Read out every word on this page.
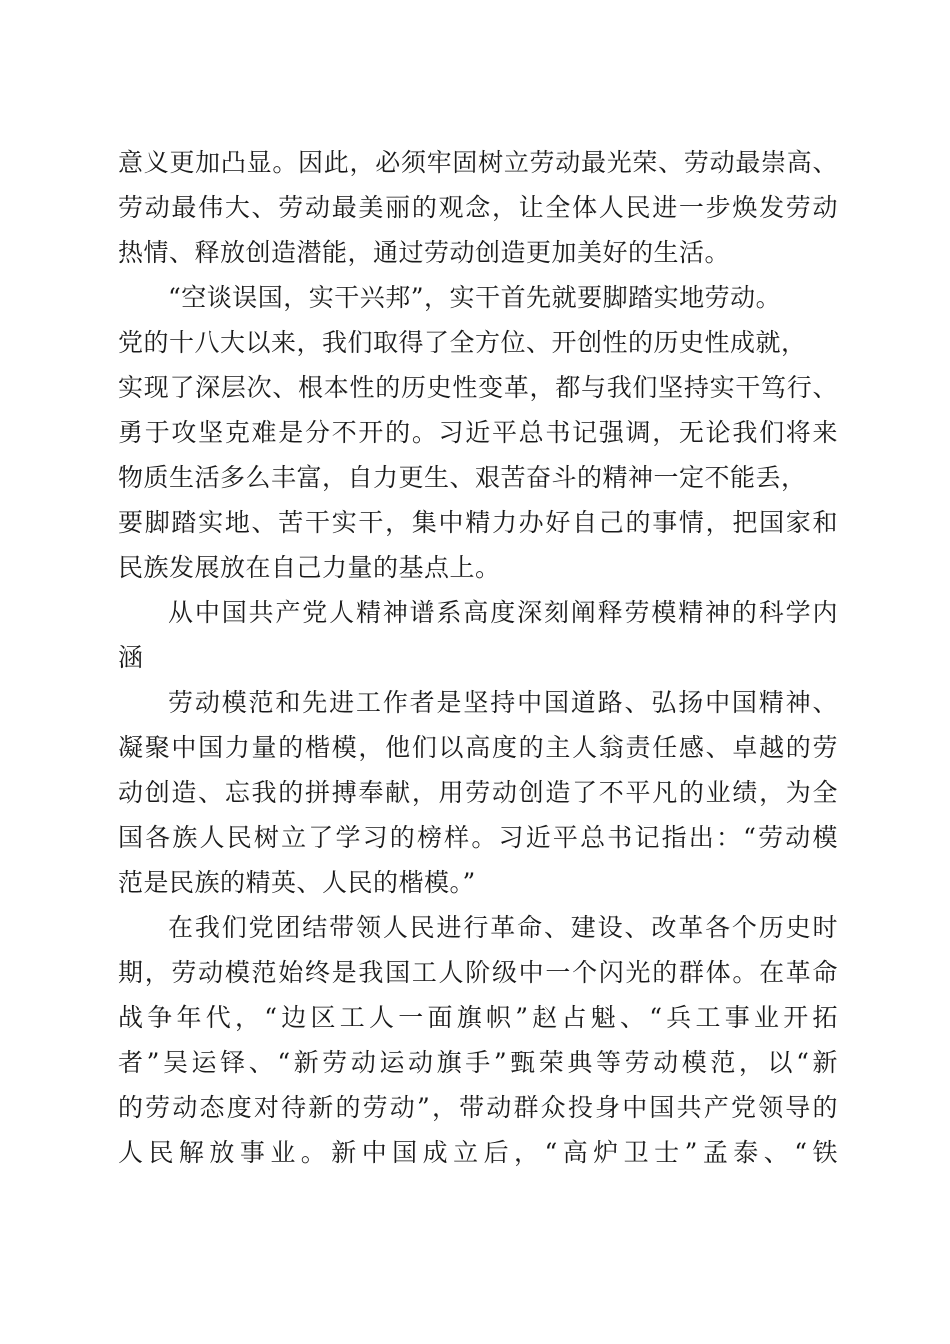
意义更加凸显。因此，必须牢固树立劳动最光荣、劳动最崇高、
劳动最伟大、劳动最美丽的观念，让全体人民进一步焕发劳动
热情、释放创造潜能，通过劳动创造更加美好的生活。
“空谈误国，实干兴邦”，实干首先就要脚踏实地劳动。
党的十八大以来，我们取得了全方位、开创性的历史性成就，
实现了深层次、根本性的历史性变革，都与我们坚持实干笃行、
勇于攻坚克难是分不开的。习近平总书记强调，无论我们将来
物质生活多么丰富，自力更生、艰苦奋斗的精神一定不能丢，
要脚踏实地、苦干实干，集中精力办好自己的事情，把国家和
民族发展放在自己力量的基点上。
从中国共产党人精神谱系高度深刻阐释劳模精神的科学内
涵
劳动模范和先进工作者是坚持中国道路、弘扬中国精神、
凝聚中国力量的楷模，他们以高度的主人翁责任感、卓越的劳
动创造、忘我的拼搏奉献，用劳动创造了不平凡的业绩，为全
国各族人民树立了学习的榜样。习近平总书记指出：“劳动模
范是民族的精英、人民的楷模。”
在我们党团结带领人民进行革命、建设、改革各个历史时
期，劳动模范始终是我国工人阶级中一个闪光的群体。在革命
战争年代，“边区工人一面旗帜”赵占魁、“兵工事业开拓
者”吴运铎、“新劳动运动旗手”甄荣典等劳动模范，以“新
的劳动态度对待新的劳动”，带动群众投身中国共产党领导的
人民解放事业。新中国成立后，“高炉卫士”孟泰、“铁
